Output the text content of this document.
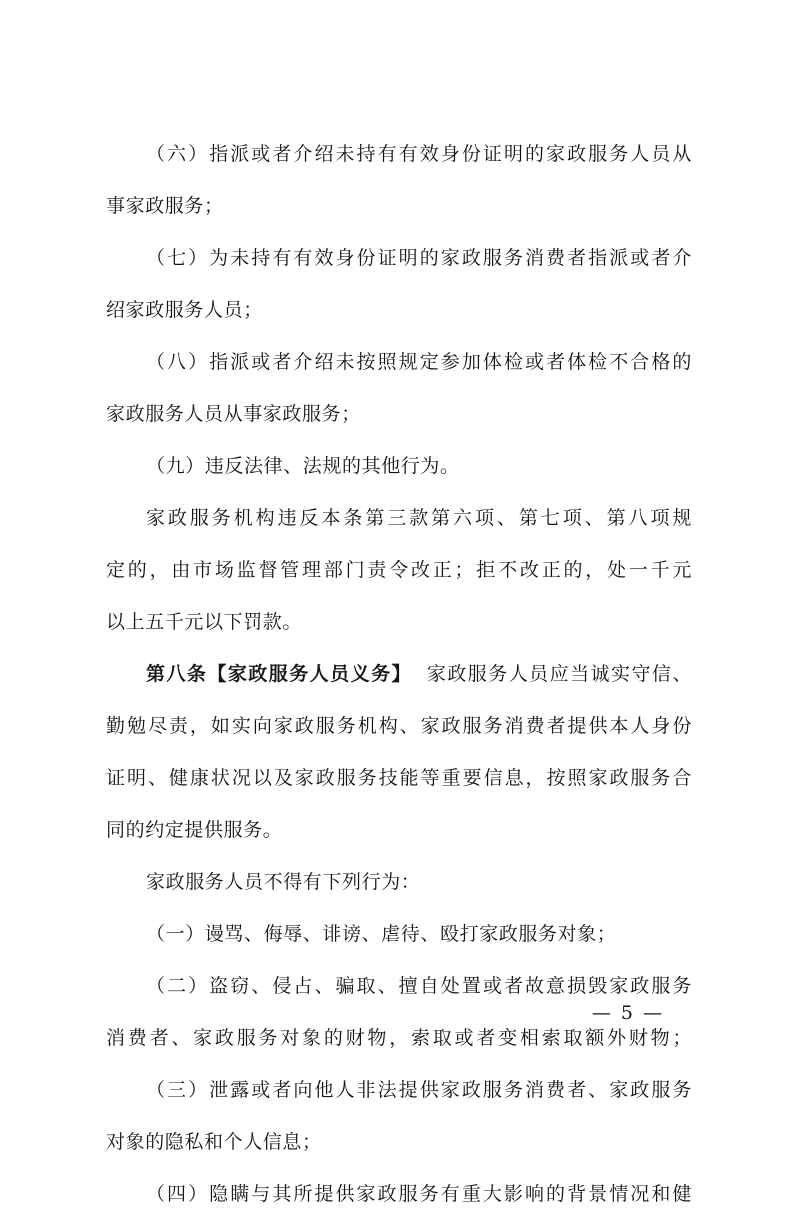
（六）指派或者介绍未持有有效身份证明的家政服务人员从
事家政服务；
（七）为未持有有效身份证明的家政服务消费者指派或者介
绍家政服务人员；
（八）指派或者介绍未按照规定参加体检或者体检不合格的
家政服务人员从事家政服务；
（九）违反法律、法规的其他行为。
家政服务机构违反本条第三款第六项、第七项、第八项规
定的，由市场监督管理部门责令改正；拒不改正的，处一千元
以上五千元以下罚款。
第八条【家政服务人员义务】 家政服务人员应当诚实守信、
勤勉尽责，如实向家政服务机构、家政服务消费者提供本人身份
证明、健康状况以及家政服务技能等重要信息，按照家政服务合
同的约定提供服务。
家政服务人员不得有下列行为：
（一）谩骂、侮辱、诽谤、虐待、殴打家政服务对象；
（二）盗窃、侵占、骗取、擅自处置或者故意损毁家政服务
消费者、家政服务对象的财物，索取或者变相索取额外财物；
（三）泄露或者向他人非法提供家政服务消费者、家政服务
对象的隐私和个人信息；
（四）隐瞒与其所提供家政服务有重大影响的背景情况和健
— 5 —
